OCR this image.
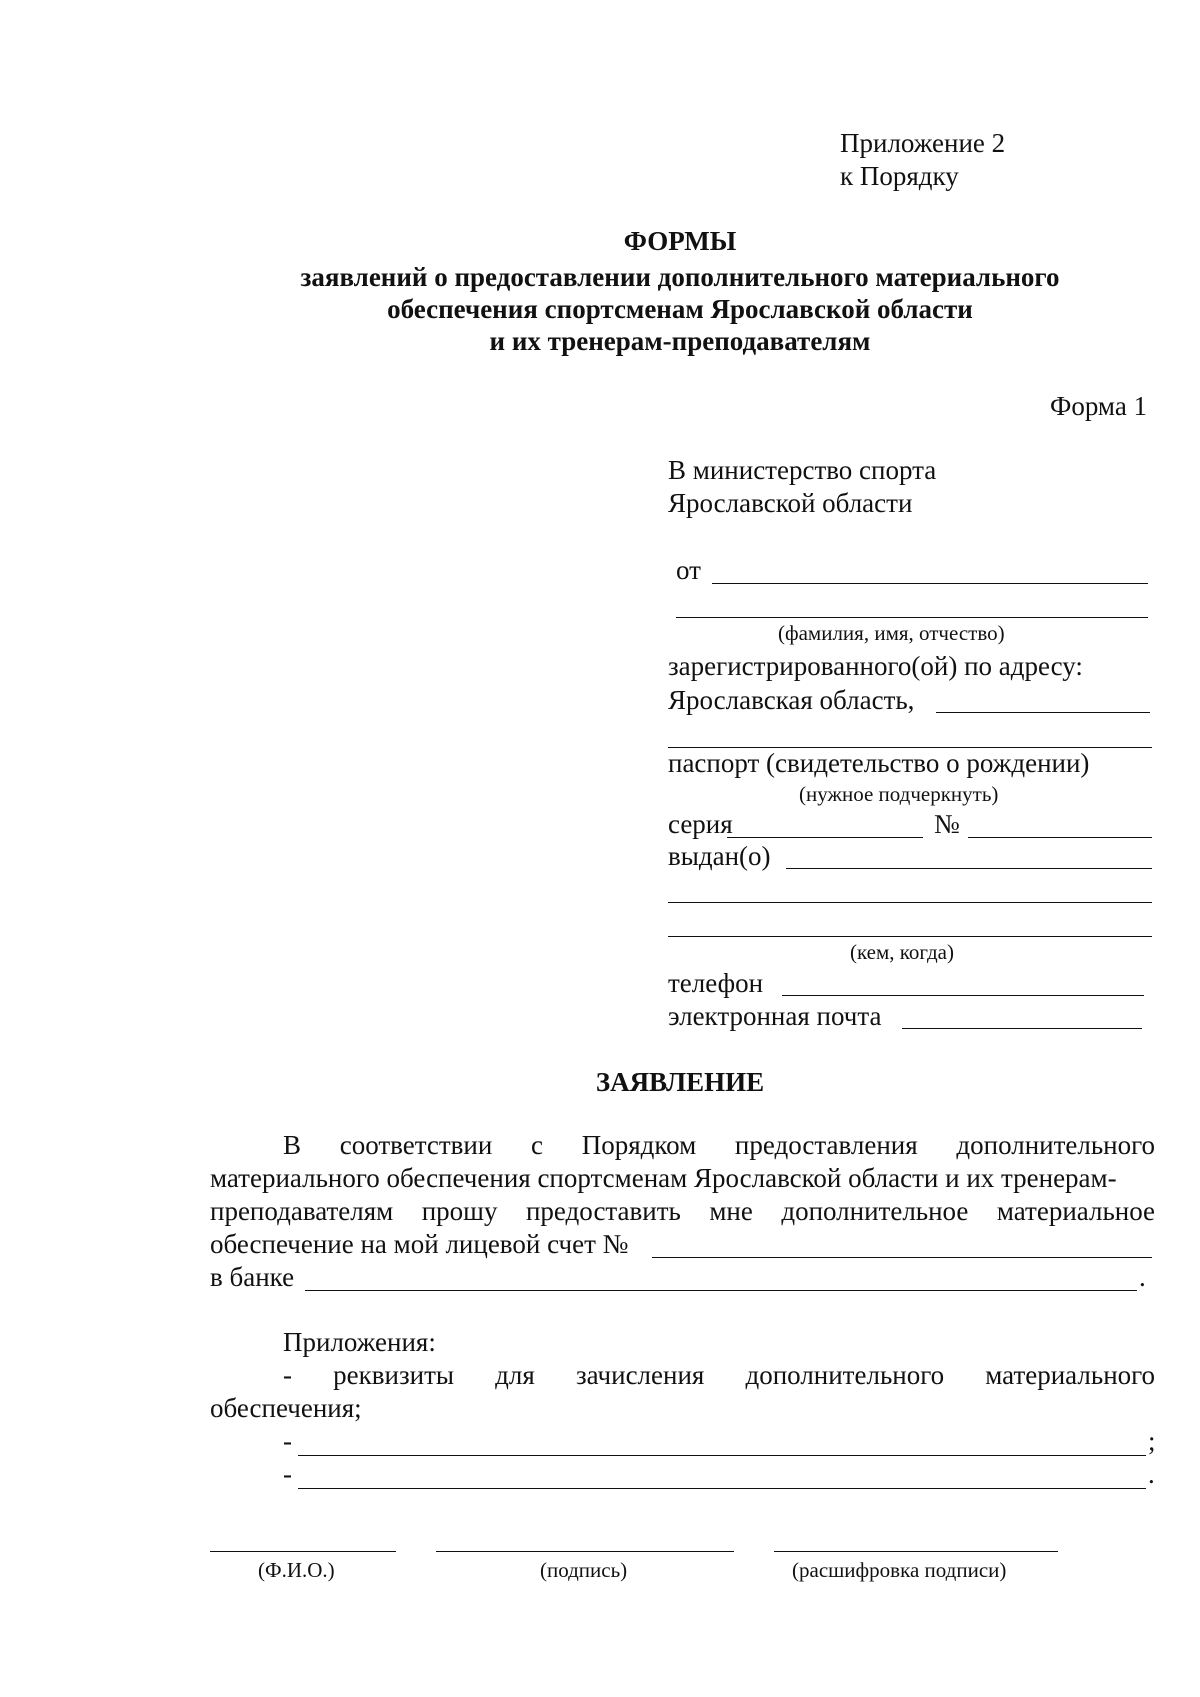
Приложение 2
к Порядку
ФОРМЫ
заявлений о предоставлении дополнительного материального
обеспечения спортсменам Ярославской области
и их тренерам-преподавателям
Форма 1
В министерство спорта
Ярославской области
от
(фамилия, имя, отчество)
зарегистрированного(ой) по адресу:
Ярославская область,
паспорт (свидетельство о рождении)
(нужное подчеркнуть)
серия	№
выдан(о)
(кем, когда)
телефон
электронная почта
ЗАЯВЛЕНИЕ
В соответствии с Порядком предоставления дополнительного
материального обеспечения спортсменам Ярославской области и их тренерам-
преподавателям прошу предоставить мне дополнительное материальное
обеспечение на мой лицевой счет №
в банке	.
Приложения:
- реквизиты для зачисления дополнительного материального
обеспечения;
-	;
-	.
(Ф.И.О.)	(подпись)	(расшифровка подписи)
